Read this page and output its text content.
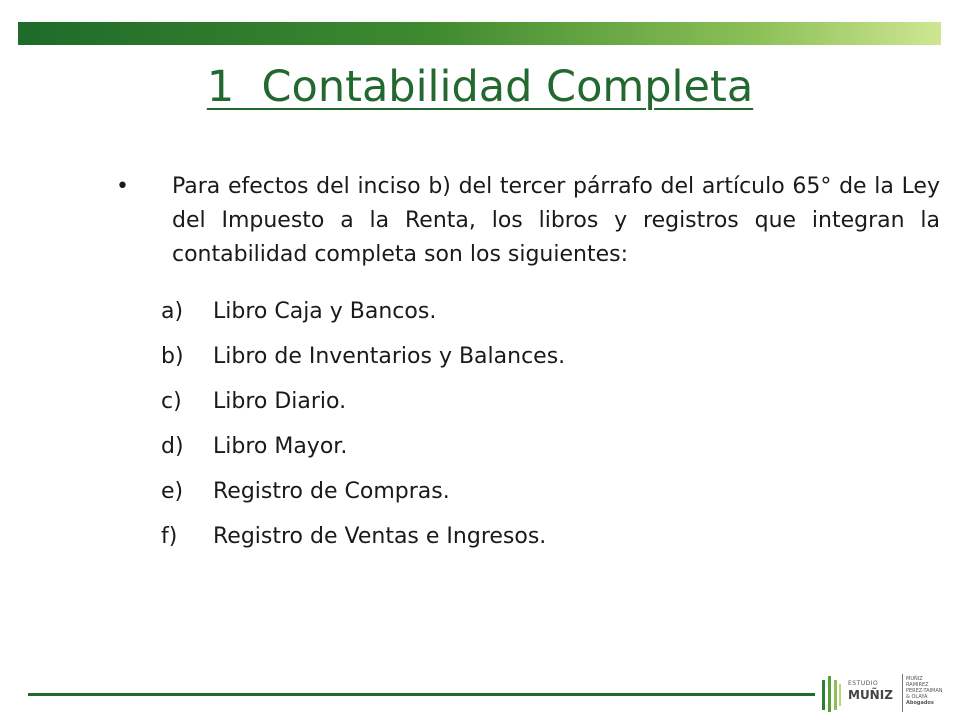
1  Contabilidad Completa
• Para efectos del inciso b) del tercer párrafo del artículo 65° de la Ley del Impuesto a la Renta, los libros y registros que integran la contabilidad completa son los siguientes:
a) Libro Caja y Bancos.
b) Libro de Inventarios y Balances.
c) Libro Diario.
d) Libro Mayor.
e) Registro de Compras.
f) Registro de Ventas e Ingresos.
ESTUDIO
MUÑIZ
MUÑIZ
RAMIREZ
PEREZ-TAIMAN
& OLAYA
Abogados
